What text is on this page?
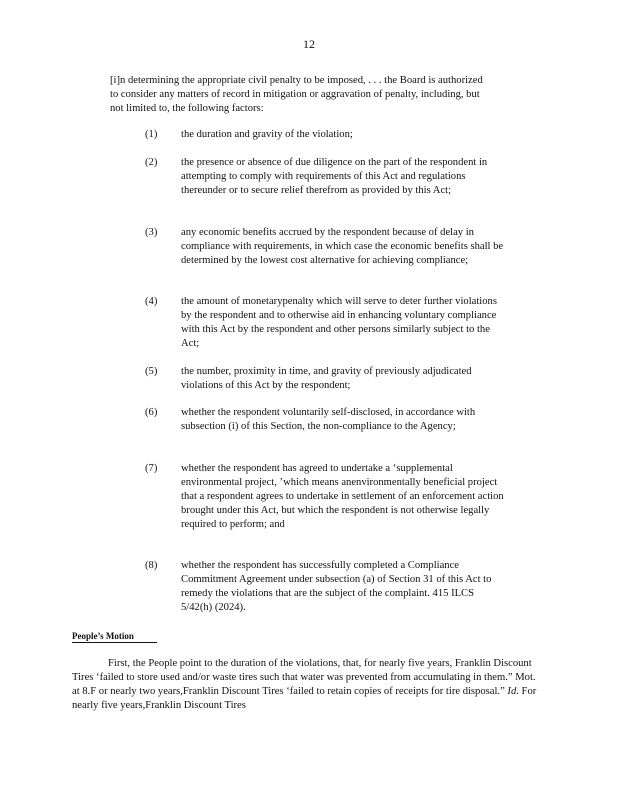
12
[i]n determining the appropriate civil penalty to be imposed, . . . the Board is authorized to consider any matters of record in mitigation or aggravation of penalty, including, but not limited to, the following factors:
(1)	the duration and gravity of the violation;
(2)	the presence or absence of due diligence on the part of the respondent in attempting to comply with requirements of this Act and regulations thereunder or to secure relief therefrom as provided by this Act;
(3)	any economic benefits accrued by the respondent because of delay in compliance with requirements, in which case the economic benefits shall be determined by the lowest cost alternative for achieving compliance;
(4)	the amount of monetarypenalty which will serve to deter further violations by the respondent and to otherwise aid in enhancing voluntary compliance with this Act by the respondent and other persons similarly subject to the Act;
(5)	the number, proximity in time, and gravity of previously adjudicated violations of this Act by the respondent;
(6)	whether the respondent voluntarily self-disclosed, in accordance with subsection (i) of this Section, the non-compliance to the Agency;
(7)	whether the respondent has agreed to undertake a ‘supplemental environmental project, ’which means anenvironmentally beneficial project that a respondent agrees to undertake in settlement of an enforcement action brought under this Act, but which the respondent is not otherwise legally required to perform; and
(8)	whether the respondent has successfully completed a Compliance Commitment Agreement under subsection (a) of Section 31 of this Act to remedy the violations that are the subject of the complaint. 415 ILCS 5/42(h) (2024).
People’s Motion
First, the People point to the duration of the violations, that, for nearly five years, Franklin Discount Tires ‘failed to store used and/or waste tires such that water was prevented from accumulating in them.” Mot. at 8.F or nearly two years,Franklin Discount Tires ‘failed to retain copies of receipts for tire disposal.” Id. For nearly five years,Franklin Discount Tires
